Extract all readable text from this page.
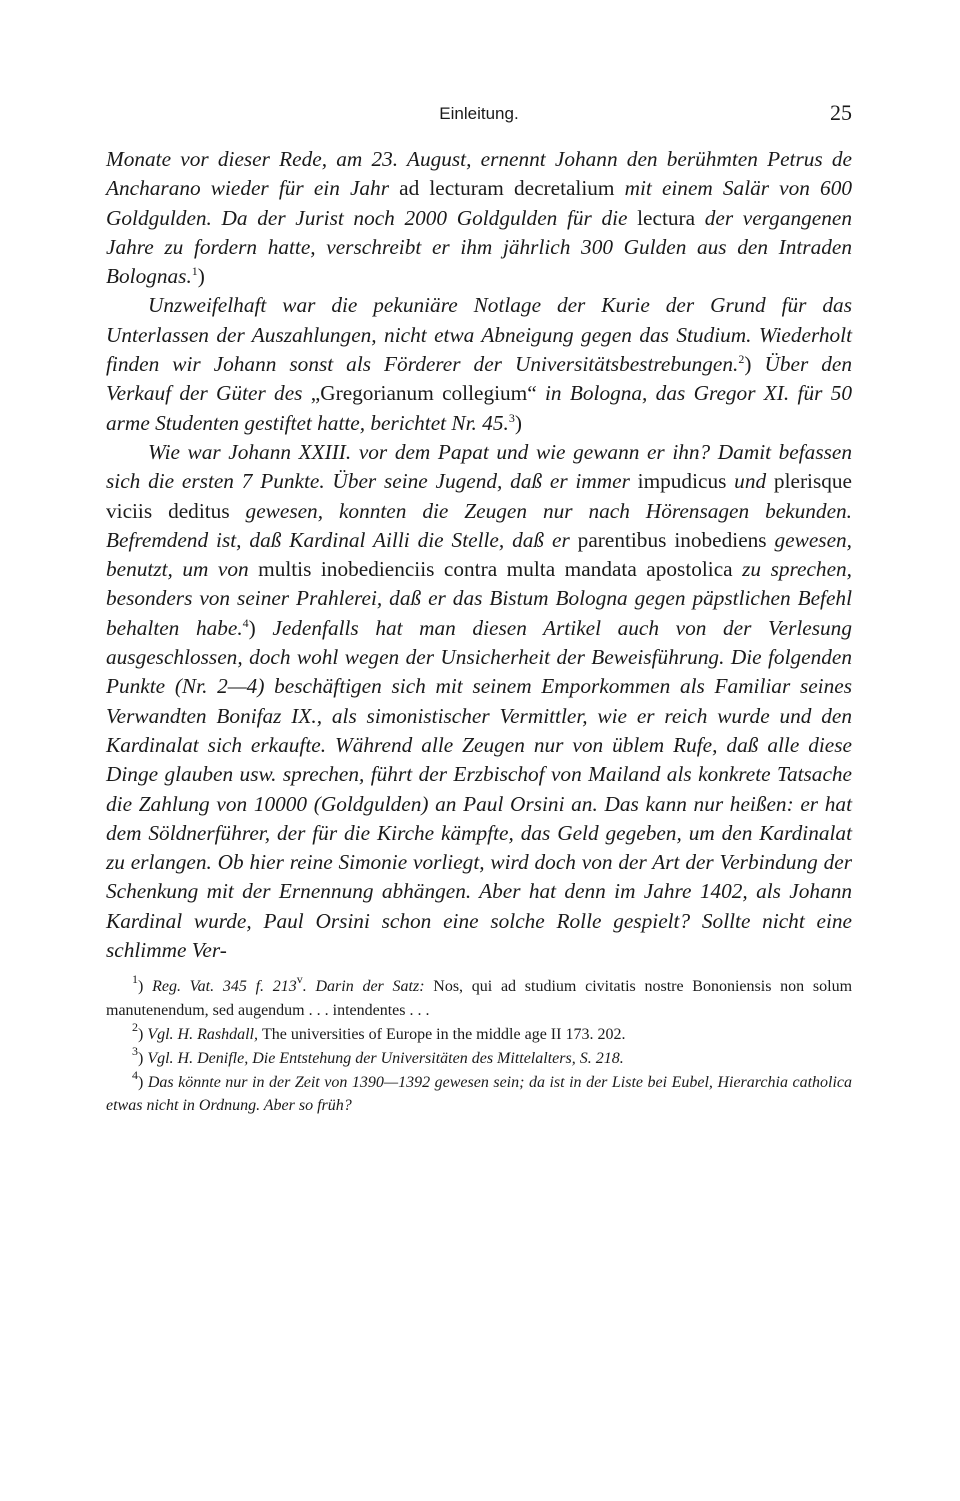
Einleitung.	25

Monate vor dieser Rede, am 23. August, ernennt Johann den berühmten Petrus de Ancharano wieder für ein Jahr ad lecturam decretalium mit einem Salär von 600 Goldgulden. Da der Jurist noch 2000 Goldgulden für die lectura der vergangenen Jahre zu fordern hatte, verschreibt er ihm jährlich 300 Gulden aus den Intraden Bolognas.$^1$)

Unzweifelhaft war die pekuniäre Notlage der Kurie der Grund für das Unterlassen der Auszahlungen, nicht etwa Abneigung gegen das Studium. Wiederholt finden wir Johann sonst als Förderer der Universitätsbestrebungen.$^2$) Über den Verkauf der Güter des „Gregorianum collegium“ in Bologna, das Gregor XI. für 50 arme Studenten gestiftet hatte, berichtet Nr. 45.$^3$)

Wie war Johann XXIII. vor dem Papat und wie gewann er ihn? Damit befassen sich die ersten 7 Punkte. Über seine Jugend, daß er immer impudicus und plerisque viciis deditus gewesen, konnten die Zeugen nur nach Hörensagen bekunden. Befremdend ist, daß Kardinal Ailli die Stelle, daß er parentibus inobediens gewesen, benutzt, um von multis inobedienciis contra multa mandata apostolica zu sprechen, besonders von seiner Prahlerei, daß er das Bistum Bologna gegen päpstlichen Befehl behalten habe.$^4$) Jedenfalls hat man diesen Artikel auch von der Verlesung ausgeschlossen, doch wohl wegen der Unsicherheit der Beweisführung. Die folgenden Punkte (Nr. 2—4) beschäftigen sich mit seinem Emporkommen als Familiar seines Verwandten Bonifaz IX., als simonistischer Vermittler, wie er reich wurde und den Kardinalat sich erkaufte. Während alle Zeugen nur von üblem Rufe, daß alle diese Dinge glauben usw. sprechen, führt der Erzbischof von Mailand als konkrete Tatsache die Zahlung von 10000 (Goldgulden) an Paul Orsini an. Das kann nur heißen: er hat dem Söldnerführer, der für die Kirche kämpfte, das Geld gegeben, um den Kardinalat zu erlangen. Ob hier reine Simonie vorliegt, wird doch von der Art der Verbindung der Schenkung mit der Ernennung abhängen. Aber hat denn im Jahre 1402, als Johann Kardinal wurde, Paul Orsini schon eine solche Rolle gespielt? Sollte nicht eine schlimme Ver-

$^1$) Reg. Vat. 345 f. 213$^v$. Darin der Satz: Nos, qui ad studium civitatis nostre Bononiensis non solum manutenendum, sed augendum . . . intendentes . . .

$^2$) Vgl. H. Rashdall, The universities of Europe in the middle age II 173. 202.

$^3$) Vgl. H. Denifle, Die Entstehung der Universitäten des Mittelalters, S. 218.

$^4$) Das könnte nur in der Zeit von 1390—1392 gewesen sein; da ist in der Liste bei Eubel, Hierarchia catholica etwas nicht in Ordnung. Aber so früh?
